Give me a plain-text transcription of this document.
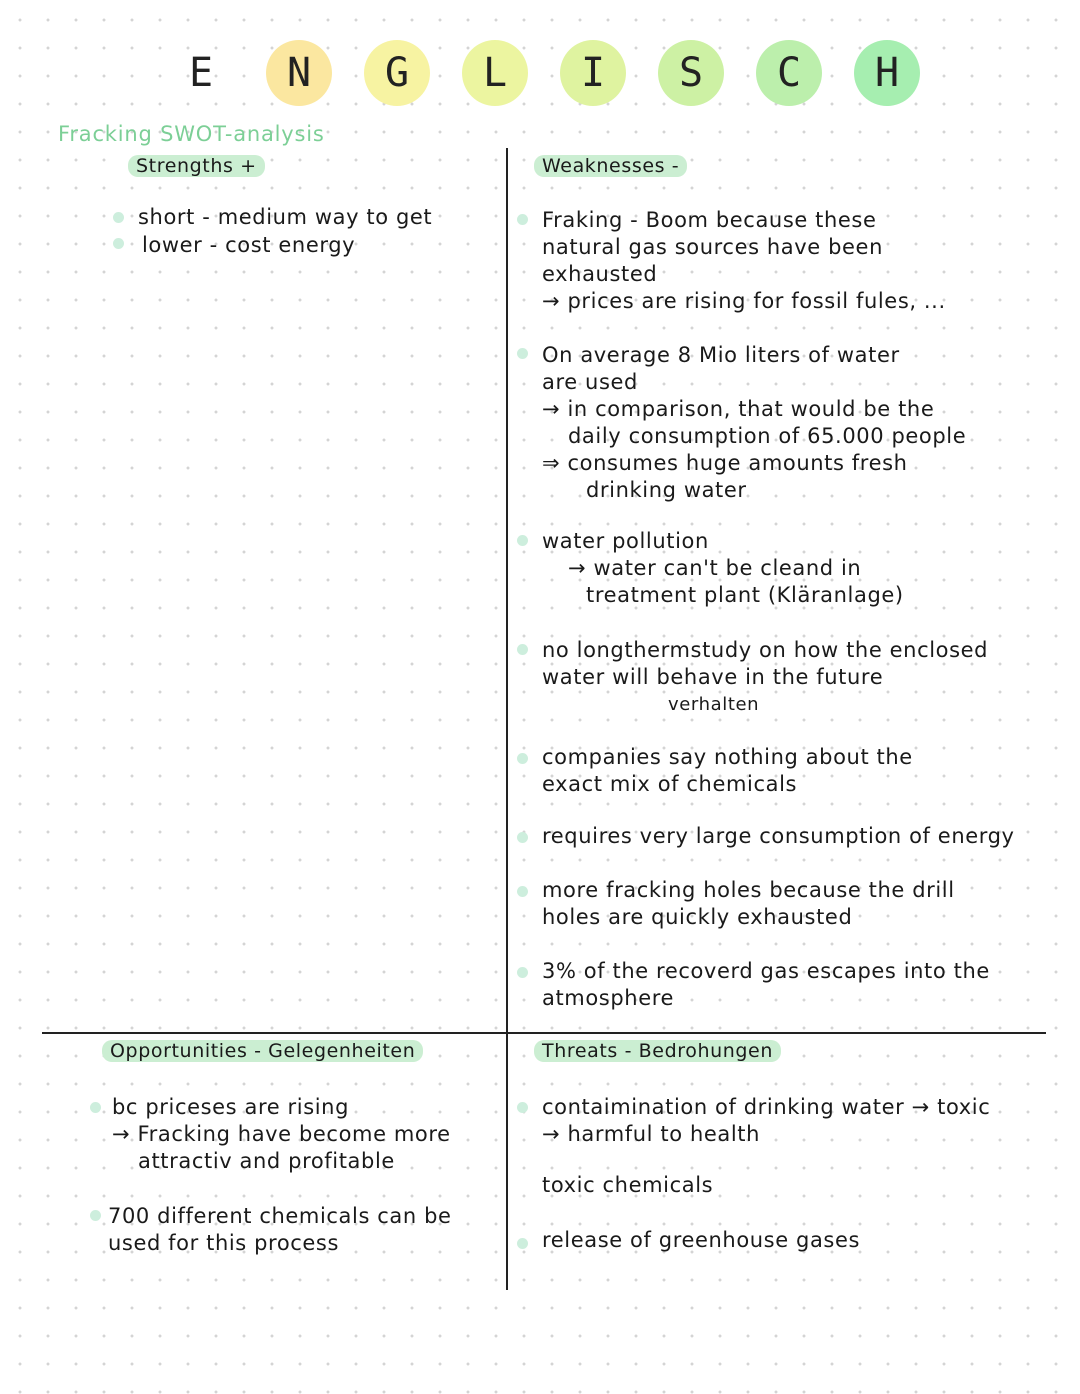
E	N	G	L	I	S	C	H
Fracking SWOT-analysis
Strengths +
short - medium way to get
lower - cost energy
Weaknesses -

Fraking - Boom because these

natural gas sources have been

exhausted

→ prices are rising for fossil fules, ...

On average 8 Mio liters of water

are used

→ in comparison, that would be the

daily consumption of 65.000 people

⇒ consumes huge amounts fresh

drinking water

water pollution

→ water can't be cleand in

treatment plant (Kläranlage)

no longthermstudy on how the enclosed

water will behave in the future

verhalten

companies say nothing about the

exact mix of chemicals

requires very large consumption of energy

more fracking holes because the drill

holes are quickly exhausted

3% of the recoverd gas escapes into the

atmosphere

Opportunities - Gelegenheiten

bc priceses are rising

→ Fracking have become more

attractiv and profitable

700 different chemicals can be

used for this process

Threats - Bedrohungen

contaimination of drinking water → toxic

→ harmful to health

toxic chemicals

release of greenhouse gases
